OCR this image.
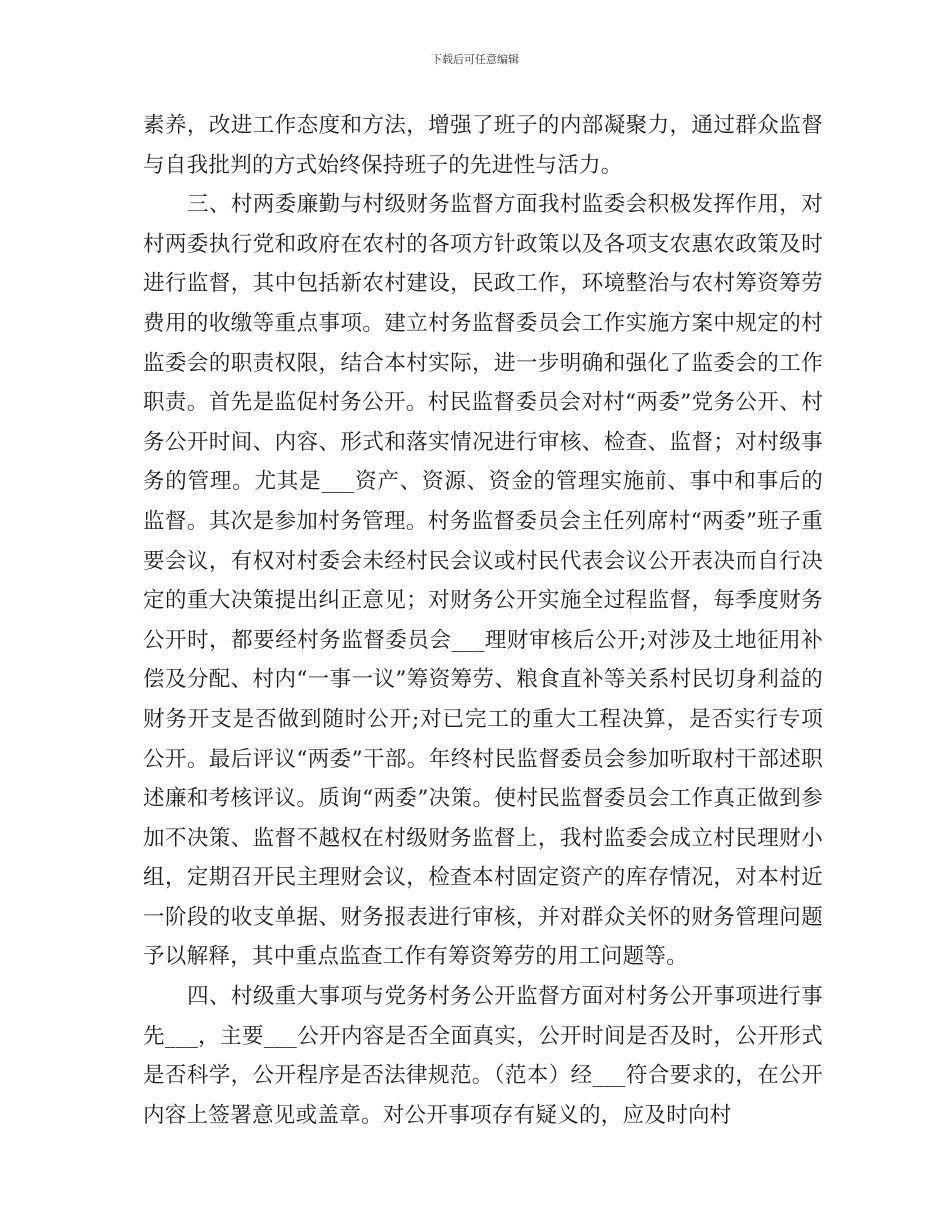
下载后可任意编辑

素养，改进工作态度和方法，增强了班子的内部凝聚力，通过群众监督与自我批判的方式始终保持班子的先进性与活力。

三、村两委廉勤与村级财务监督方面我村监委会积极发挥作用，对村两委执行党和政府在农村的各项方针政策以及各项支农惠农政策及时进行监督，其中包括新农村建设，民政工作，环境整治与农村筹资筹劳费用的收缴等重点事项。建立村务监督委员会工作实施方案中规定的村监委会的职责权限，结合本村实际，进一步明确和强化了监委会的工作职责。首先是监促村务公开。村民监督委员会对村“两委”党务公开、村务公开时间、内容、形式和落实情况进行审核、检查、监督；对村级事务的管理。尤其是___资产、资源、资金的管理实施前、事中和事后的监督。其次是参加村务管理。村务监督委员会主任列席村“两委”班子重要会议，有权对村委会未经村民会议或村民代表会议公开表决而自行决定的重大决策提出纠正意见；对财务公开实施全过程监督，每季度财务公开时，都要经村务监督委员会___理财审核后公开;对涉及土地征用补偿及分配、村内“一事一议”筹资筹劳、粮食直补等关系村民切身利益的财务开支是否做到随时公开;对已完工的重大工程决算，是否实行专项公开。最后评议“两委”干部。年终村民监督委员会参加听取村干部述职述廉和考核评议。质询“两委”决策。使村民监督委员会工作真正做到参加不决策、监督不越权在村级财务监督上，我村监委会成立村民理财小组，定期召开民主理财会议，检查本村固定资产的库存情况，对本村近一阶段的收支单据、财务报表进行审核，并对群众关怀的财务管理问题予以解释，其中重点监查工作有筹资筹劳的用工问题等。

四、村级重大事项与党务村务公开监督方面对村务公开事项进行事先___，主要___公开内容是否全面真实，公开时间是否及时，公开形式是否科学，公开程序是否法律规范。（范本）经___符合要求的，在公开内容上签署意见或盖章。对公开事项存有疑义的，应及时向村
